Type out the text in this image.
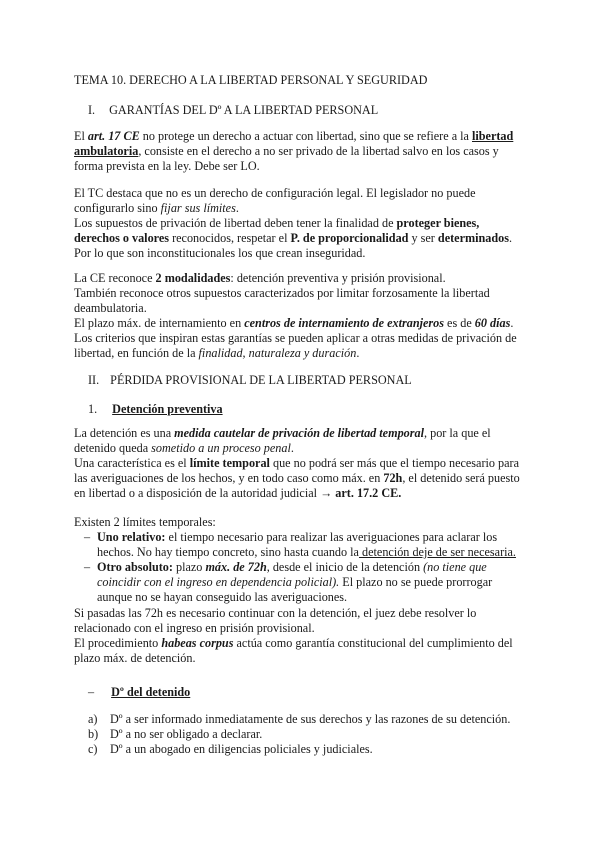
TEMA 10. DERECHO A LA LIBERTAD PERSONAL Y SEGURIDAD

I. GARANTÍAS DEL Dº A LA LIBERTAD PERSONAL

El art. 17 CE no protege un derecho a actuar con libertad, sino que se refiere a la libertad

ambulatoria, consiste en el derecho a no ser privado de la libertad salvo en los casos y

forma prevista en la ley. Debe ser LO.

El TC destaca que no es un derecho de configuración legal. El legislador no puede

configurarlo sino fijar sus límites.

Los supuestos de privación de libertad deben tener la finalidad de proteger bienes,

derechos o valores reconocidos, respetar el P. de proporcionalidad y ser determinados.

Por lo que son inconstitucionales los que crean inseguridad.

La CE reconoce 2 modalidades: detención preventiva y prisión provisional.

También reconoce otros supuestos caracterizados por limitar forzosamente la libertad

deambulatoria.

El plazo máx. de internamiento en centros de internamiento de extranjeros es de 60 días.

Los criterios que inspiran estas garantías se pueden aplicar a otras medidas de privación de

libertad, en función de la finalidad, naturaleza y duración.

II. PÉRDIDA PROVISIONAL DE LA LIBERTAD PERSONAL

1. Detención preventiva

La detención es una medida cautelar de privación de libertad temporal, por la que el

detenido queda sometido a un proceso penal.

Una característica es el límite temporal que no podrá ser más que el tiempo necesario para

las averiguaciones de los hechos, y en todo caso como máx. en 72h, el detenido será puesto

en libertad o a disposición de la autoridad judicial → art. 17.2 CE.

Existen 2 límites temporales:

– Uno relativo: el tiempo necesario para realizar las averiguaciones para aclarar los
hechos. No hay tiempo concreto, sino hasta cuando la detención deje de ser necesaria.
– Otro absoluto: plazo máx. de 72h, desde el inicio de la detención (no tiene que
coincidir con el ingreso en dependencia policial). El plazo no se puede prorrogar
aunque no se hayan conseguido las averiguaciones.

Si pasadas las 72h es necesario continuar con la detención, el juez debe resolver lo

relacionado con el ingreso en prisión provisional.

El procedimiento habeas corpus actúa como garantía constitucional del cumplimiento del

plazo máx. de detención.

– Dº del detenido

a) Dº a ser informado inmediatamente de sus derechos y las razones de su detención.

b) Dº a no ser obligado a declarar.

c) Dº a un abogado en diligencias policiales y judiciales.
